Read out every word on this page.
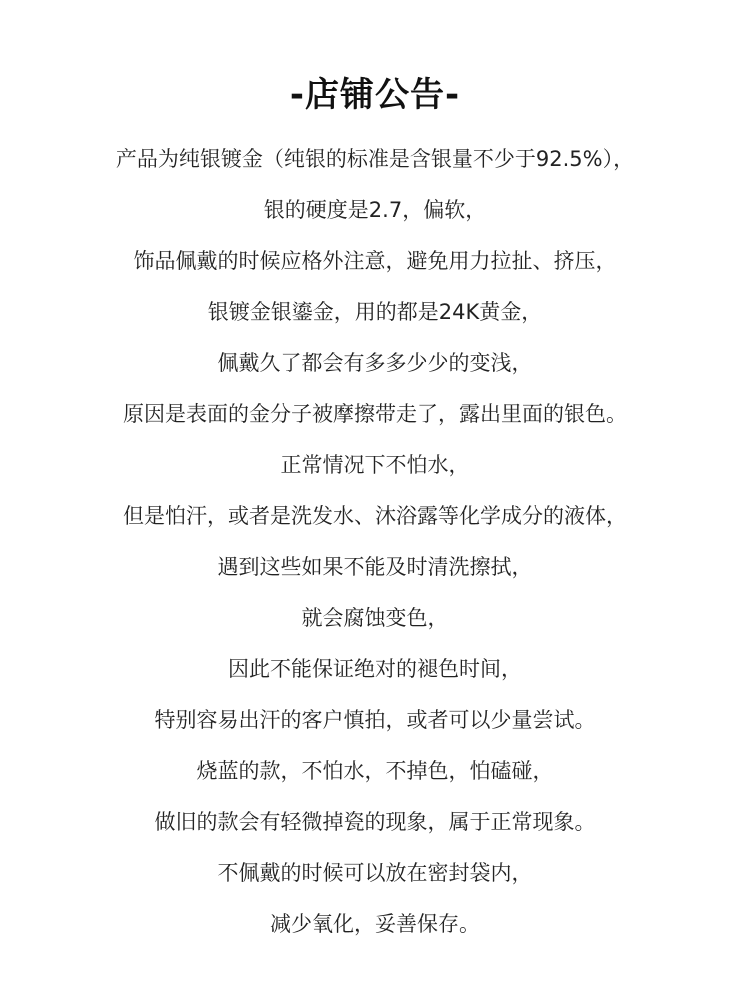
-店铺公告-
产品为纯银镀金（纯银的标准是含银量不少于92.5%），
银的硬度是2.7，偏软，
饰品佩戴的时候应格外注意，避免用力拉扯、挤压，
银镀金银鎏金，用的都是24K黄金，
佩戴久了都会有多多少少的变浅，
原因是表面的金分子被摩擦带走了，露出里面的银色。
正常情况下不怕水，
但是怕汗，或者是洗发水、沐浴露等化学成分的液体，
遇到这些如果不能及时清洗擦拭，
就会腐蚀变色，
因此不能保证绝对的褪色时间，
特别容易出汗的客户慎拍，或者可以少量尝试。
烧蓝的款，不怕水，不掉色，怕磕碰，
做旧的款会有轻微掉瓷的现象，属于正常现象。
不佩戴的时候可以放在密封袋内，
减少氧化，妥善保存。
